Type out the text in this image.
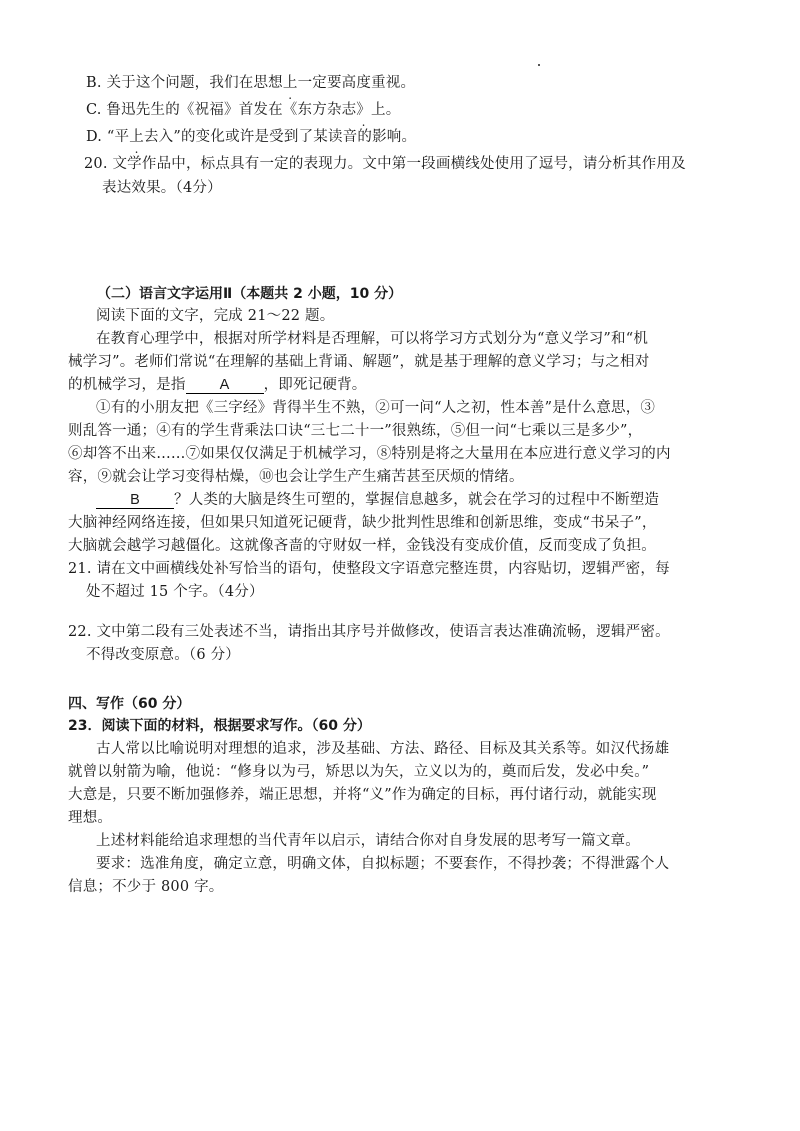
B. 关于这个问题，我们在思想上一定要高度重视。
C. 鲁迅先生的《祝福》首发在《东方杂志》 .上。
D. “平上去入”的变化或许是受到了某读音的影响。
20. 文学作品中，标点具有一定的表现力。文中第一段画横线处使用了逗号，请分析其作用及
表达效果。（4分）
（二）语言文字运用Ⅱ（本题共 2 小题，10 分）
阅读下面的文字，完成 21～22 题。
在教育心理学中，根据对所学材料是否理解，可以将学习方式划分为“意义学习”和“机
械学习”。老师们常说“在理解的基础上背诵、解题”，就是基于理解的意义学习；与之相对
的机械学习，是指 A ，即死记硬背。
①有的小朋友把《三字经》背得半生不熟，②可一问“人之初，性本善”是什么意思，③
则乱答一通；④有的学生背乘法口诀“三七二十一”很熟练，⑤但一问“七乘以三是多少”，
⑥却答不出来……⑦如果仅仅满足于机械学习，⑧特别是将之大量用在本应进行意义学习的内
容，⑨就会让学习变得枯燥，⑩也会让学生产生痛苦甚至厌烦的情绪。
B ？人类的大脑是终生可塑的，掌握信息越多，就会在学习的过程中不断塑造
大脑神经网络连接，但如果只知道死记硬背，缺少批判性思维和创新思维，变成“书呆子”，
大脑就会越学习越僵化。这就像吝啬的守财奴一样，金钱没有变成价值，反而变成了负担。
21. 请在文中画横线处补写恰当的语句，使整段文字语意完整连贯，内容贴切，逻辑严密，每
处不超过 15 个字。（4分）
22. 文中第二段有三处表述不当，请指出其序号并做修改，使语言表达准确流畅，逻辑严密。
不得改变原意。（6 分）
四、写作（60 分）
23．阅读下面的材料，根据要求写作。（60 分）
古人常以比喻说明对理想的追求，涉及基础、方法、路径、目标及其关系等。如汉代扬雄
就曾以射箭为喻，他说：“修身以为弓，矫思以为矢，立义以为的，奠而后发，发必中矣。”
大意是，只要不断加强修养，端正思想，并将“义”作为确定的目标，再付诸行动，就能实现
理想。
上述材料能给追求理想的当代青年以启示，请结合你对自身发展的思考写一篇文章。
要求：选准角度，确定立意，明确文体，自拟标题；不要套作，不得抄袭；不得泄露个人
信息；不少于 800 字。
